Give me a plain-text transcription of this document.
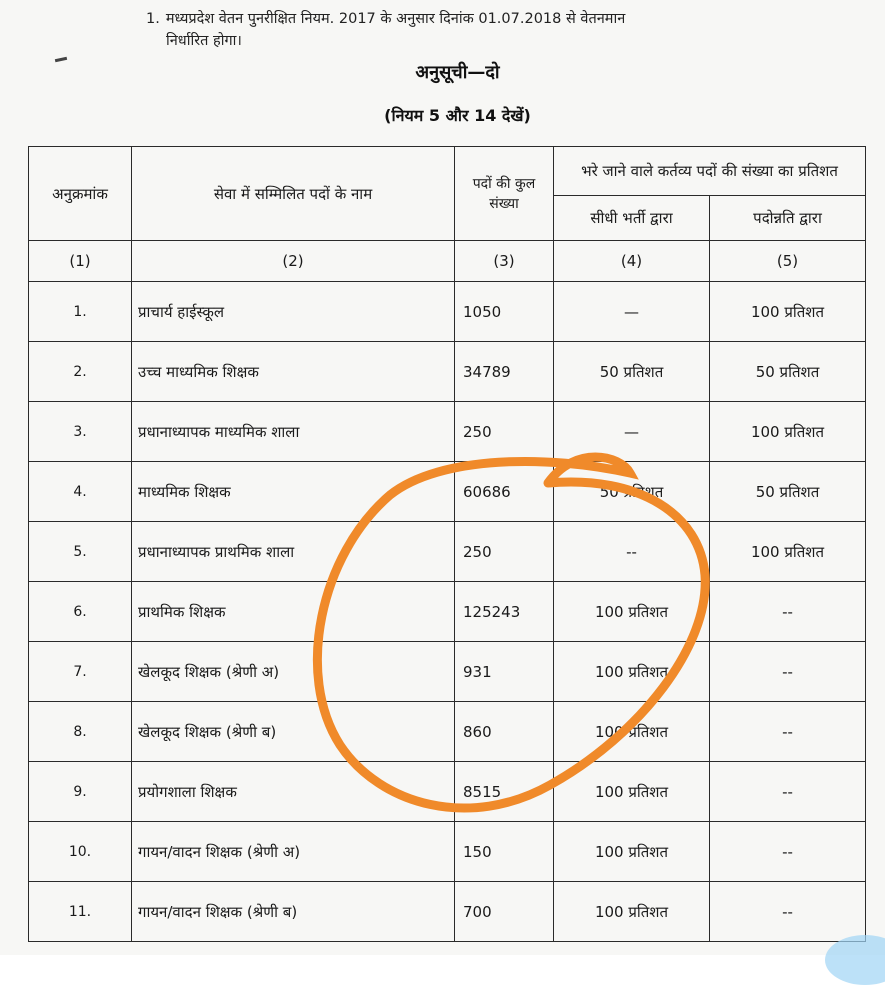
1. मध्यप्रदेश वेतन पुनरीक्षित नियम. 2017 के अनुसार दिनांक 01.07.2018 से वेतनमान
निर्धारित होगा।
अनुसूची—दो
(नियम 5 और 14 देखें)
अनुक्रमांक	सेवा में सम्मिलित पदों के नाम	पदों की कुल संख्या	भरे जाने वाले कर्तव्य पदों की संख्या का प्रतिशत	
			सीधी भर्ती द्वारा	पदोन्नति द्वारा
(1)	(2)	(3)	(4)	(5)
1.	प्राचार्य हाईस्कूल	1050	—	100 प्रतिशत
2.	उच्च माध्यमिक शिक्षक	34789	50 प्रतिशत	50 प्रतिशत
3.	प्रधानाध्यापक माध्यमिक शाला	250	—	100 प्रतिशत
4.	माध्यमिक शिक्षक	60686	50 प्रतिशत	50 प्रतिशत
5.	प्रधानाध्यापक प्राथमिक शाला	250	--	100 प्रतिशत
6.	प्राथमिक शिक्षक	125243	100 प्रतिशत	--
7.	खेलकूद शिक्षक (श्रेणी अ)	931	100 प्रतिशत	--
8.	खेलकूद शिक्षक (श्रेणी ब)	860	100 प्रतिशत	--
9.	प्रयोगशाला शिक्षक	8515	100 प्रतिशत	--
10.	गायन/वादन शिक्षक (श्रेणी अ)	150	100 प्रतिशत	--
11.	गायन/वादन शिक्षक (श्रेणी ब)	700	100 प्रतिशत	--
